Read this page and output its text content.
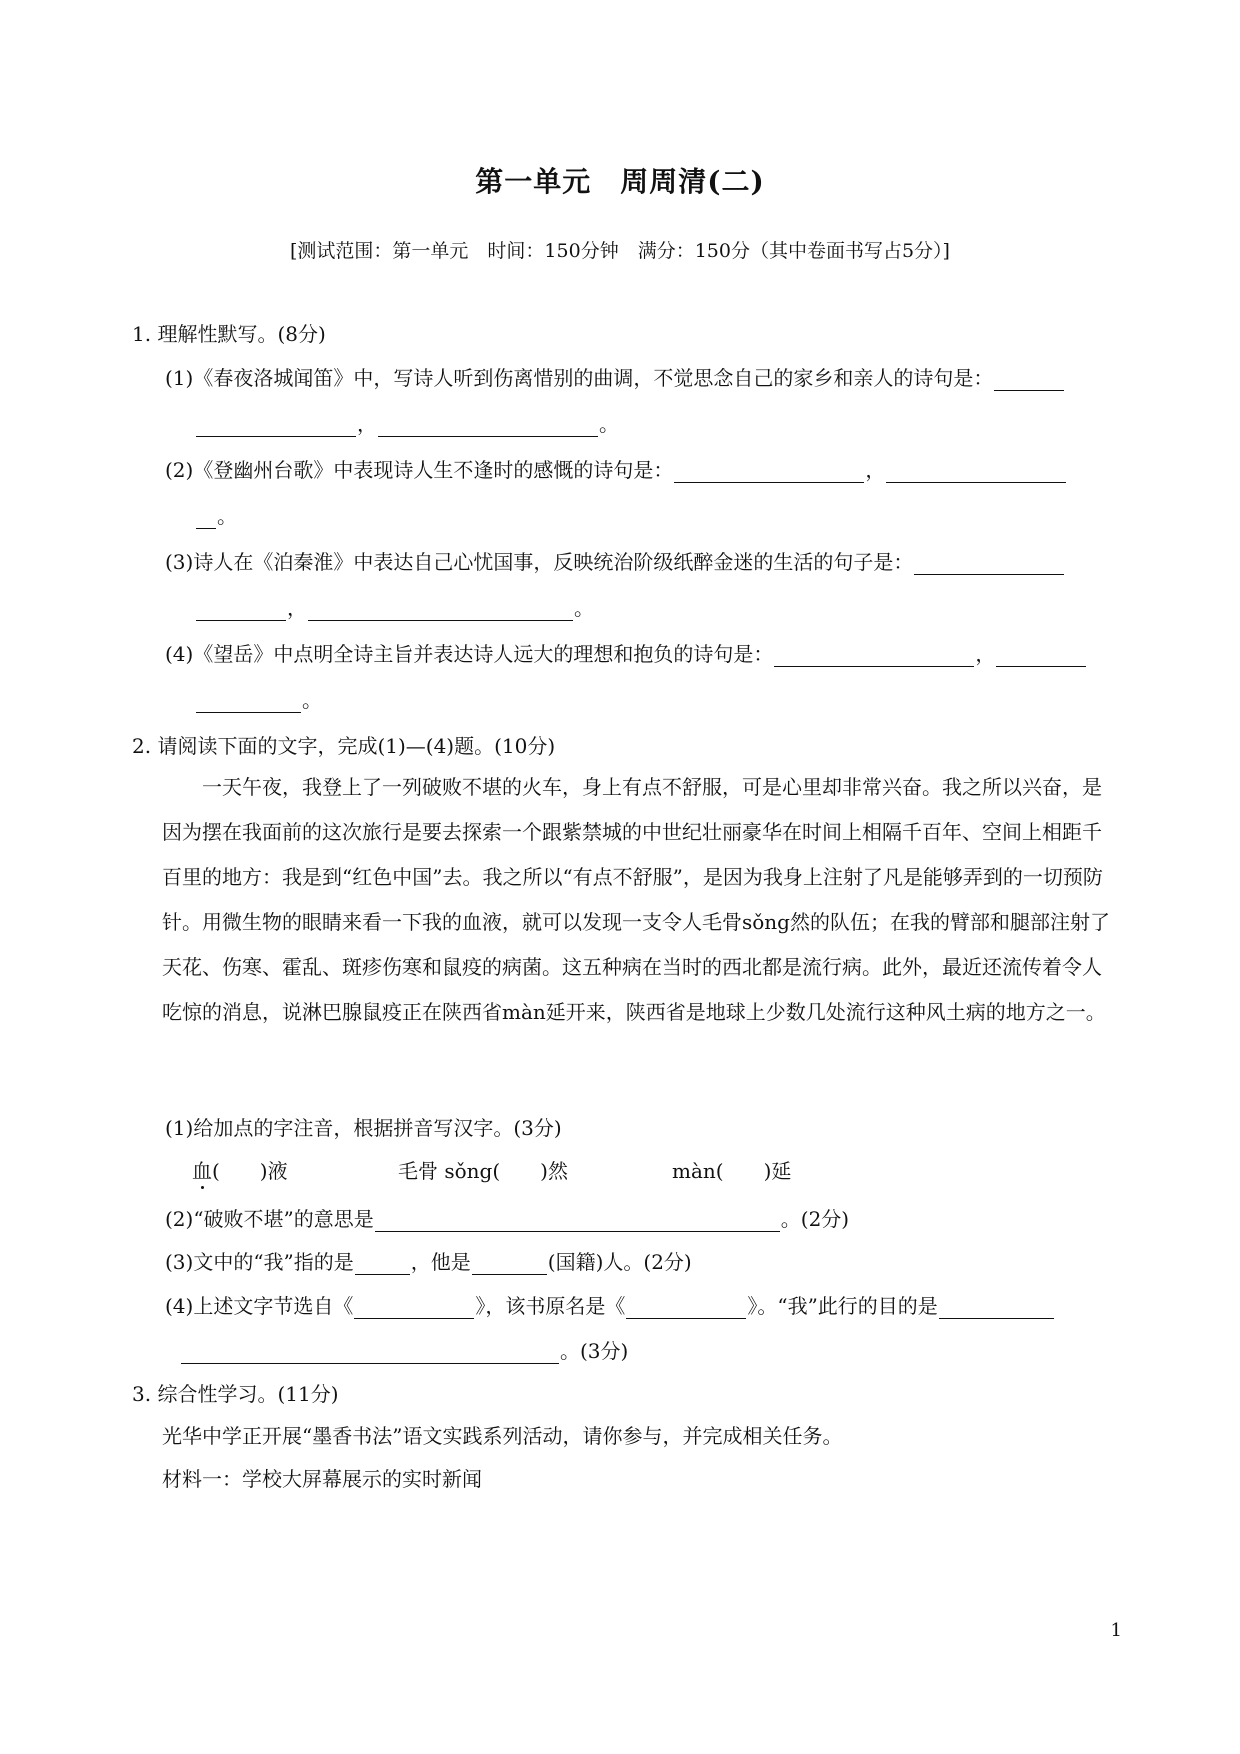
第一单元　周周清(二)
[测试范围：第一单元　时间：150分钟　满分：150分（其中卷面书写占5分）]
1. 理解性默写。(8分)
(1)《春夜洛城闻笛》中，写诗人听到伤离惜别的曲调，不觉思念自己的家乡和亲人的诗句是：
，	。
(2)《登幽州台歌》中表现诗人生不逢时的感慨的诗句是：	，
。
(3)诗人在《泊秦淮》中表达自己心忧国事，反映统治阶级纸醉金迷的生活的句子是：
，	。
(4)《望岳》中点明全诗主旨并表达诗人远大的理想和抱负的诗句是：	，
。
2. 请阅读下面的文字，完成(1)—(4)题。(10分)

一天午夜，我登上了一列破败不堪的火车，身上有点不舒服，可是心里却非常兴奋。我之所以兴奋，是因为摆在我面前的这次旅行是要去探索一个跟紫禁城的中世纪壮丽豪华在时间上相隔千百年、空间上相距千百里的地方：我是到“红色中国”去。我之所以“有点不舒服”，是因为我身上注射了凡是能够弄到的一切预防针。用微生物的眼睛来看一下我的血液，就可以发现一支令人毛骨sǒng然的队伍；在我的臂部和腿部注射了天花、伤寒、霍乱、斑疹伤寒和鼠疫的病菌。这五种病在当时的西北都是流行病。此外，最近还流传着令人吃惊的消息，说淋巴腺鼠疫正在陕西省màn延开来，陕西省是地球上少数几处流行这种风土病的地方之一。

(1)给加点的字注音，根据拼音写汉字。(3分)
血(　　)液	毛骨 sǒng(　　)然	màn(　　)延
(2)“破败不堪”的意思是	。(2分)
(3)文中的“我”指的是	，他是	(国籍)人。(2分)
(4)上述文字节选自《	》，该书原名是《	》。“我”此行的目的是
。(3分)
3. 综合性学习。(11分)
光华中学正开展“墨香书法”语文实践系列活动，请你参与，并完成相关任务。
材料一：学校大屏幕展示的实时新闻
1
